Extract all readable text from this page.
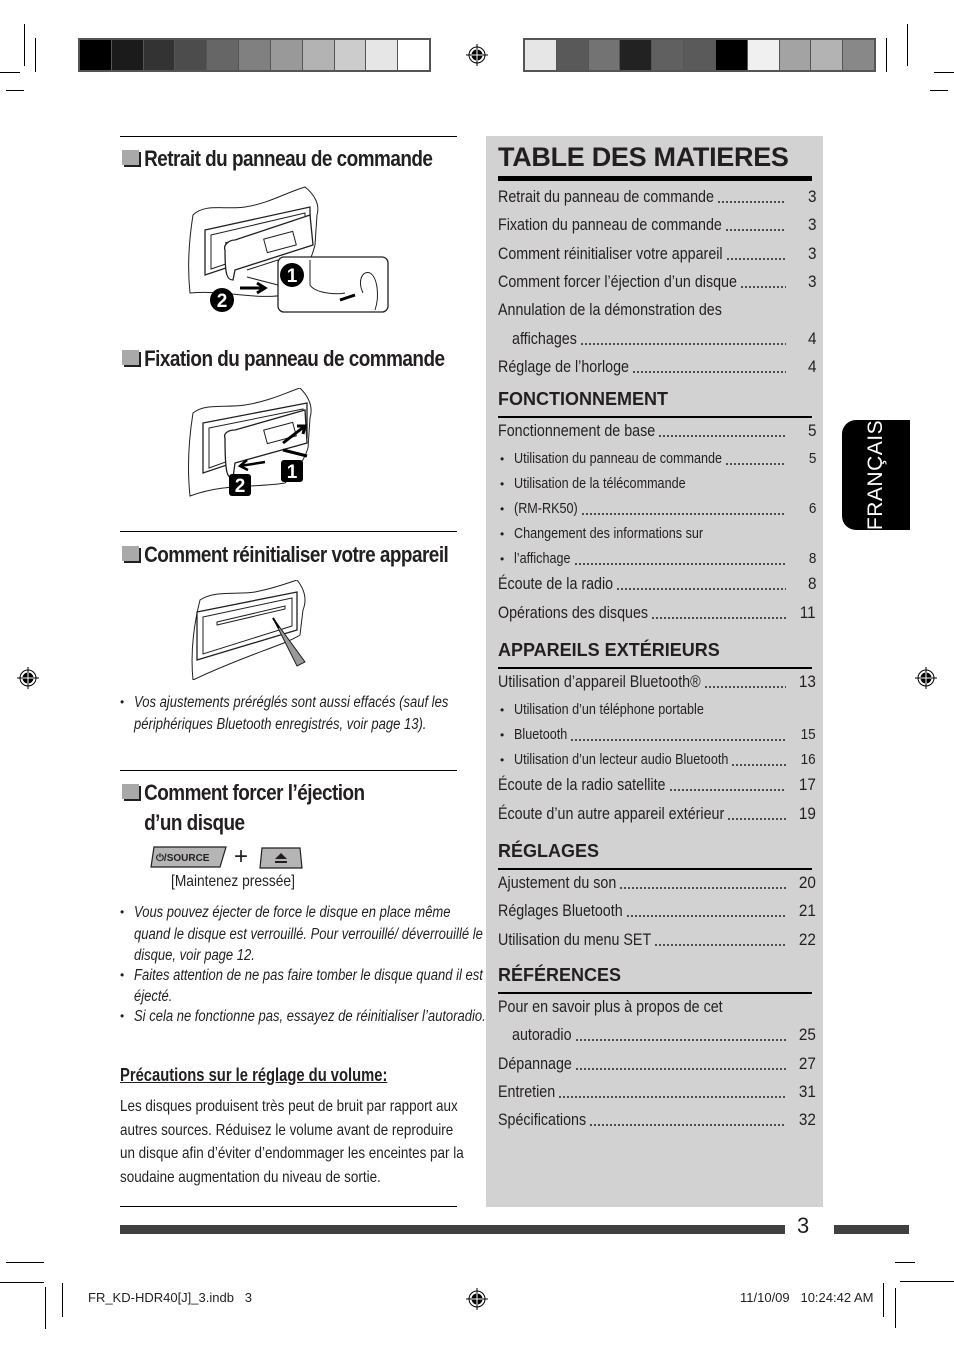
Retrait du panneau de commande
1
2
Fixation du panneau de commande
1
2
Comment réinitialiser votre appareil
• Vos ajustements préréglés sont aussi effacés (sauf les périphériques Bluetooth enregistrés, voir page 13).
Comment forcer l’éjection d’un disque
⏻/SOURCE +
[Maintenez pressée]
• Vous pouvez éjecter de force le disque en place même quand le disque est verrouillé. Pour verrouillé/ déverrouillé le disque, voir page 12.
• Faites attention de ne pas faire tomber le disque quand il est éjecté.
• Si cela ne fonctionne pas, essayez de réinitialiser l’autoradio.
Précautions sur le réglage du volume:
Les disques produisent très peut de bruit par rapport aux autres sources. Réduisez le volume avant de reproduire un disque afin d’éviter d’endommager les enceintes par la soudaine augmentation du niveau de sortie.
TABLE DES MATIERES
Retrait du panneau de commande	3
Fixation du panneau de commande	3
Comment réinitialiser votre appareil	3
Comment forcer l’éjection d’un disque	3
Annulation de la démonstration des
affichages	4
Réglage de l’horloge	4
FONCTIONNEMENT
Fonctionnement de base	5
Utilisation du panneau de commande	5
•
Utilisation de la télécommande
•
(RM-RK50)	6
•
Changement des informations sur
•
l’affichage	8
•
Écoute de la radio	8
Opérations des disques	11
APPAREILS EXTÉRIEURS
Utilisation d’appareil Bluetooth®	13
Utilisation d’un téléphone portable
•
Bluetooth	15
•
Utilisation d’un lecteur audio Bluetooth	16
•
Écoute de la radio satellite	17
Écoute d’un autre appareil extérieur	19
RÉGLAGES
Ajustement du son	20
Réglages Bluetooth	21
Utilisation du menu SET	22
RÉFÉRENCES
Pour en savoir plus à propos de cet
autoradio	25
Dépannage	27
Entretien	31
Spécifications	32
FRANÇAIS
3
FR_KD-HDR40[J]_3.indb   3	11/10/09   10:24:42 AM
